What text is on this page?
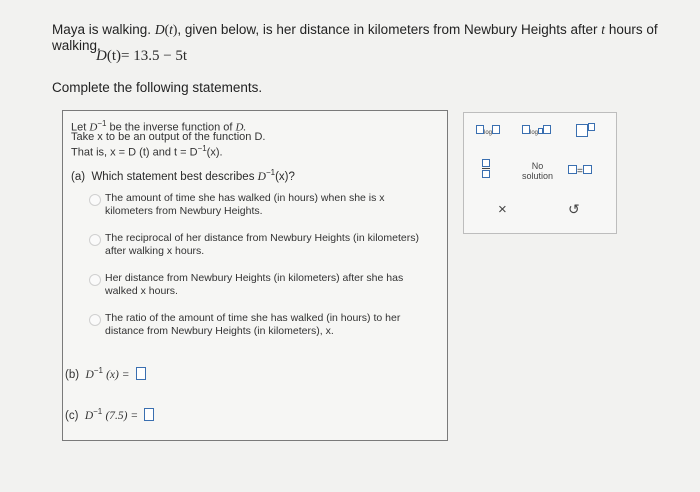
Maya is walking. D(t), given below, is her distance in kilometers from Newbury Heights after t hours of walking.
D(t)= 13.5 − 5t
Complete the following statements.
Let $D^{-1}$ be the inverse function of D.
Take x to be an output of the function D.
That is, x = D (t) and $t = D^{-1}(x)$.
(a) Which statement best describes $D^{-1}(x)$?
The amount of time she has walked (in hours) when she is x kilometers from Newbury Heights.
The reciprocal of her distance from Newbury Heights (in kilometers) after walking x hours.
Her distance from Newbury Heights (in kilometers) after she has walked x hours.
The ratio of the amount of time she has walked (in hours) to her distance from Newbury Heights (in kilometers), x.
(b) $D^{-1}$ (x) =
(c) $D^{-1}$ (7.5) =
log	log
No
solution	=
×	↺
